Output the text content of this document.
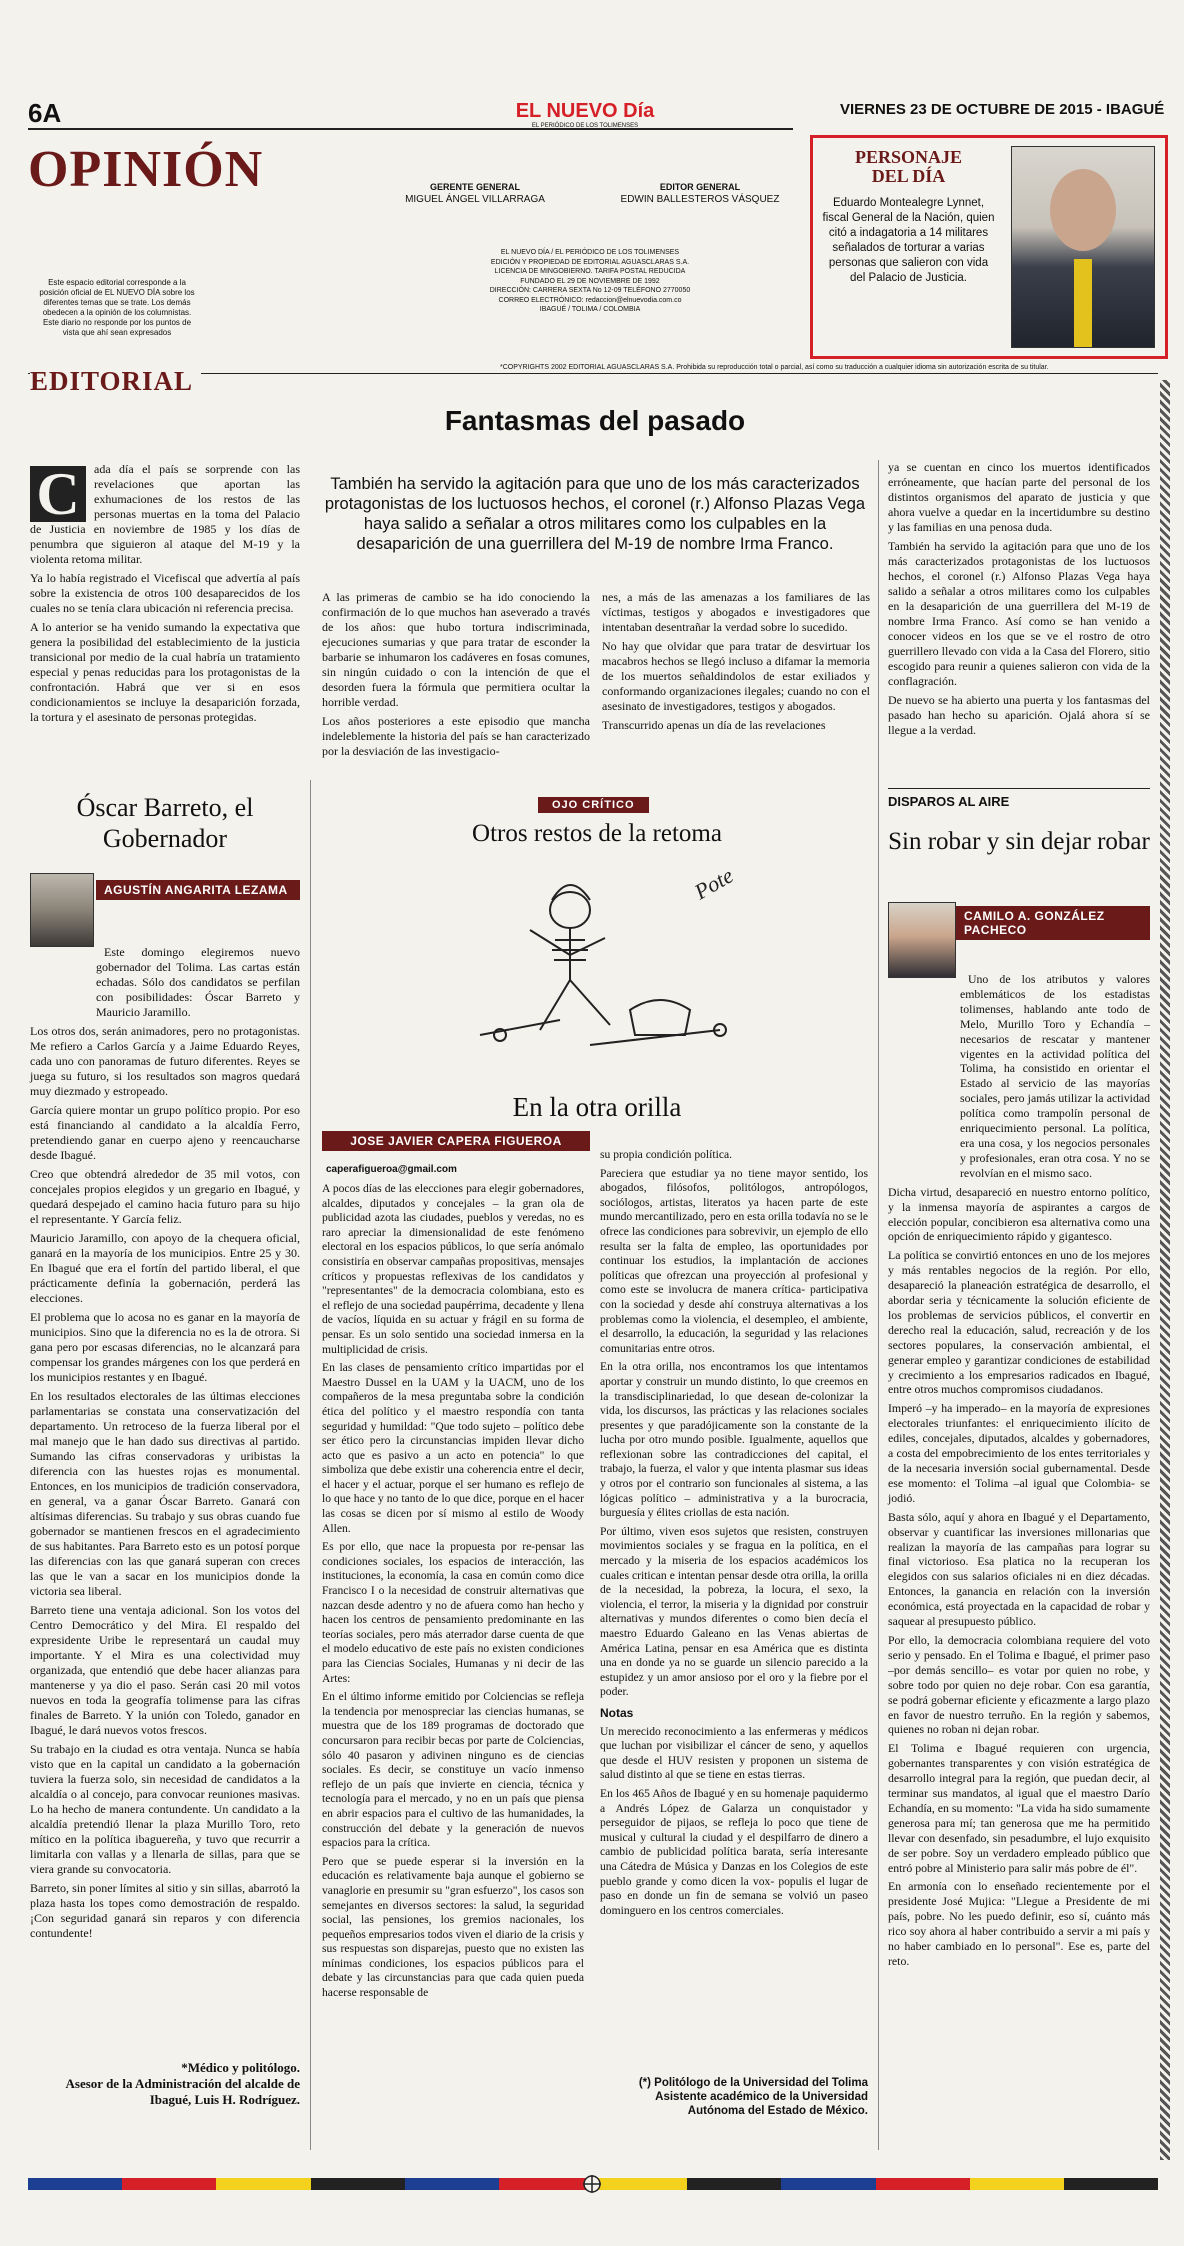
6A
OPINIÓN
EL NUEVO Día
EL PERIÓDICO DE LOS TOLIMENSES
VIERNES 23 DE OCTUBRE DE 2015 - IBAGUÉ
GERENTE GENERAL
MIGUEL ÁNGEL VILLARRAGA
EDITOR GENERAL
EDWIN BALLESTEROS VÁSQUEZ
EL NUEVO DÍA / EL PERIÓDICO DE LOS TOLIMENSES
EDICIÓN Y PROPIEDAD DE EDITORIAL AGUASCLARAS S.A.
LICENCIA DE MINGOBIERNO. TARIFA POSTAL REDUCIDA
FUNDADO EL 29 DE NOVIEMBRE DE 1992
DIRECCIÓN: CARRERA SEXTA No 12-09 TELÉFONO 2770050
CORREO ELECTRÓNICO: redaccion@elnuevodia.com.co
IBAGUÉ / TOLIMA / COLOMBIA
Este espacio editorial corresponde a la posición oficial de EL NUEVO DÍA sobre los diferentes temas que se trate. Los demás obedecen a la opinión de los columnistas. Este diario no responde por los puntos de vista que ahí sean expresados
PERSONAJE
DEL DÍA
Eduardo Montealegre Lynnet, fiscal General de la Nación, quien citó a indagatoria a 14 militares señalados de torturar a varias personas que salieron con vida del Palacio de Justicia.
*COPYRIGHTS 2002 EDITORIAL AGUASCLARAS S.A. Prohibida su reproducción total o parcial, así como su traducción a cualquier idioma sin autorización escrita de su titular.
EDITORIAL
Fantasmas del pasado
C	ada día el país se sorprende con las revelaciones que aportan las exhumaciones de los restos de las personas muertas en la toma del Palacio de Justicia en noviembre de 1985 y los días de penumbra que siguieron al ataque del M-19 y la violenta retoma militar.

Ya lo había registrado el Vicefiscal que advertía al país sobre la existencia de otros 100 desaparecidos de los cuales no se tenía clara ubicación ni referencia precisa.

A lo anterior se ha venido sumando la expectativa que genera la posibilidad del establecimiento de la justicia transicional por medio de la cual habría un tratamiento especial y penas reducidas para los protagonistas de la confrontación. Habrá que ver si en esos condicionamientos se incluye la desaparición forzada, la tortura y el asesinato de personas protegidas.

También ha servido la agitación para que uno de los más caracterizados protagonistas de los luctuosos hechos, el coronel (r.) Alfonso Plazas Vega haya salido a señalar a otros militares como los culpables en la desaparición de una guerrillera del M-19 de nombre Irma Franco.

A las primeras de cambio se ha ido conociendo la confirmación de lo que muchos han aseverado a través de los años: que hubo tortura indiscriminada, ejecuciones sumarias y que para tratar de esconder la barbarie se inhumaron los cadáveres en fosas comunes, sin ningún cuidado o con la intención de que el desorden fuera la fórmula que permitiera ocultar la horrible verdad.

Los años posteriores a este episodio que mancha indeleblemente la historia del país se han caracterizado por la desviación de las investigacio-

nes, a más de las amenazas a los familiares de las víctimas, testigos y abogados e investigadores que intentaban desentrañar la verdad sobre lo sucedido.

No hay que olvidar que para tratar de desvirtuar los macabros hechos se llegó incluso a difamar la memoria de los muertos señaldindolos de estar exiliados y conformando organizaciones ilegales; cuando no con el asesinato de investigadores, testigos y abogados.

Transcurrido apenas un día de las revelaciones

ya se cuentan en cinco los muertos identificados erróneamente, que hacían parte del personal de los distintos organismos del aparato de justicia y que ahora vuelve a quedar en la incertidumbre su destino y las familias en una penosa duda.

También ha servido la agitación para que uno de los más caracterizados protagonistas de los luctuosos hechos, el coronel (r.) Alfonso Plazas Vega haya salido a señalar a otros militares como los culpables en la desaparición de una guerrillera del M-19 de nombre Irma Franco. Así como se han venido a conocer videos en los que se ve el rostro de otro guerrillero llevado con vida a la Casa del Florero, sitio escogido para reunir a quienes salieron con vida de la conflagración.

De nuevo se ha abierto una puerta y los fantasmas del pasado han hecho su aparición. Ojalá ahora sí se llegue a la verdad.

Óscar Barreto, el Gobernador
AGUSTÍN ANGARITA LEZAMA

Este domingo elegiremos nuevo gobernador del Tolima. Las cartas están echadas. Sólo dos candidatos se perfilan con posibilidades: Óscar Barreto y Mauricio Jaramillo.

Los otros dos, serán animadores, pero no protagonistas. Me refiero a Carlos García y a Jaime Eduardo Reyes, cada uno con panoramas de futuro diferentes. Reyes se juega su futuro, si los resultados son magros quedará muy diezmado y estropeado.

García quiere montar un grupo político propio. Por eso está financiando al candidato a la alcaldía Ferro, pretendiendo ganar en cuerpo ajeno y reencaucharse desde Ibagué.

Creo que obtendrá alrededor de 35 mil votos, con concejales propios elegidos y un gregario en Ibagué, y quedará despejado el camino hacia futuro para su hijo el representante. Y García feliz.

Mauricio Jaramillo, con apoyo de la chequera oficial, ganará en la mayoría de los municipios. Entre 25 y 30. En Ibagué que era el fortín del partido liberal, el que prácticamente definía la gobernación, perderá las elecciones.

El problema que lo acosa no es ganar en la mayoría de municipios. Sino que la diferencia no es la de otrora. Si gana pero por escasas diferencias, no le alcanzará para compensar los grandes márgenes con los que perderá en los municipios restantes y en Ibagué.

En los resultados electorales de las últimas elecciones parlamentarias se constata una conservatización del departamento. Un retroceso de la fuerza liberal por el mal manejo que le han dado sus directivas al partido. Sumando las cifras conservadoras y uribistas la diferencia con las huestes rojas es monumental. Entonces, en los municipios de tradición conservadora, en general, va a ganar Óscar Barreto. Ganará con altísimas diferencias. Su trabajo y sus obras cuando fue gobernador se mantienen frescos en el agradecimiento de sus habitantes. Para Barreto esto es un potosí porque las diferencias con las que ganará superan con creces las que le van a sacar en los municipios donde la victoria sea liberal.

Barreto tiene una ventaja adicional. Son los votos del Centro Democrático y del Mira. El respaldo del expresidente Uribe le representará un caudal muy importante. Y el Mira es una colectividad muy organizada, que entendió que debe hacer alianzas para mantenerse y ya dio el paso. Serán casi 20 mil votos nuevos en toda la geografía tolimense para las cifras finales de Barreto. Y la unión con Toledo, ganador en Ibagué, le dará nuevos votos frescos.

Su trabajo en la ciudad es otra ventaja. Nunca se había visto que en la capital un candidato a la gobernación tuviera la fuerza solo, sin necesidad de candidatos a la alcaldía o al concejo, para convocar reuniones masivas. Lo ha hecho de manera contundente. Un candidato a la alcaldía pretendió llenar la plaza Murillo Toro, reto mítico en la política ibaguereña, y tuvo que recurrir a limitarla con vallas y a llenarla de sillas, para que se viera grande su convocatoria.

Barreto, sin poner límites al sitio y sin sillas, abarrotó la plaza hasta los topes como demostración de respaldo. ¡Con seguridad ganará sin reparos y con diferencia contundente!

*Médico y politólogo.
Asesor de la Administración del alcalde de Ibagué, Luis H. Rodríguez.
OJO CRÍTICO
Otros restos de la retoma
Pote
En la otra orilla
JOSE JAVIER CAPERA FIGUEROA
caperafigueroa@gmail.com

A pocos días de las elecciones para elegir gobernadores, alcaldes, diputados y concejales – la gran ola de publicidad azota las ciudades, pueblos y veredas, no es raro apreciar la dimensionalidad de este fenómeno electoral en los espacios públicos, lo que sería anómalo consistiría en observar campañas propositivas, mensajes críticos y propuestas reflexivas de los candidatos y "representantes" de la democracia colombiana, esto es el reflejo de una sociedad paupérrima, decadente y llena de vacíos, líquida en su actuar y frágil en su forma de pensar. Es un solo sentido una sociedad inmersa en la multiplicidad de crisis.

En las clases de pensamiento crítico impartidas por el Maestro Dussel en la UAM y la UACM, uno de los compañeros de la mesa preguntaba sobre la condición ética del político y el maestro respondía con tanta seguridad y humildad: "Que todo sujeto – político debe ser ético pero la circunstancias impiden llevar dicho acto que es pasivo a un acto en potencia" lo que simboliza que debe existir una coherencia entre el decir, el hacer y el actuar, porque el ser humano es reflejo de lo que hace y no tanto de lo que dice, porque en el hacer las cosas se dicen por sí mismo al estilo de Woody Allen.

Es por ello, que nace la propuesta por re-pensar las condiciones sociales, los espacios de interacción, las instituciones, la economía, la casa en común como dice Francisco I o la necesidad de construir alternativas que nazcan desde adentro y no de afuera como han hecho y hacen los centros de pensamiento predominante en las teorías sociales, pero más aterrador darse cuenta de que el modelo educativo de este país no existen condiciones para las Ciencias Sociales, Humanas y ni decir de las Artes:

En el último informe emitido por Colciencias se refleja la tendencia por menospreciar las ciencias humanas, se muestra que de los 189 programas de doctorado que concursaron para recibir becas por parte de Colciencias, sólo 40 pasaron y adivinen ninguno es de ciencias sociales. Es decir, se constituye un vacío inmenso reflejo de un país que invierte en ciencia, técnica y tecnología para el mercado, y no en un país que piensa en abrir espacios para el cultivo de las humanidades, la construcción del debate y la generación de nuevos espacios para la crítica.

Pero que se puede esperar si la inversión en la educación es relativamente baja aunque el gobierno se vanaglorie en presumir su "gran esfuerzo", los casos son semejantes en diversos sectores: la salud, la seguridad social, las pensiones, los gremios nacionales, los pequeños empresarios todos viven el diario de la crisis y sus respuestas son disparejas, puesto que no existen las mínimas condiciones, los espacios públicos para el debate y las circunstancias para que cada quien pueda hacerse responsable de

su propia condición política.

Pareciera que estudiar ya no tiene mayor sentido, los abogados, filósofos, politólogos, antropólogos, sociólogos, artistas, literatos ya hacen parte de este mundo mercantilizado, pero en esta orilla todavía no se le ofrece las condiciones para sobrevivir, un ejemplo de ello resulta ser la falta de empleo, las oportunidades por continuar los estudios, la implantación de acciones políticas que ofrezcan una proyección al profesional y como este se involucra de manera crítica- participativa con la sociedad y desde ahí construya alternativas a los problemas como la violencia, el desempleo, el ambiente, el desarrollo, la educación, la seguridad y las relaciones comunitarias entre otros.

En la otra orilla, nos encontramos los que intentamos aportar y construir un mundo distinto, lo que creemos en la transdisciplinariedad, lo que desean de-colonizar la vida, los discursos, las prácticas y las relaciones sociales presentes y que paradójicamente son la constante de la lucha por otro mundo posible. Igualmente, aquellos que reflexionan sobre las contradicciones del capital, el trabajo, la fuerza, el valor y que intenta plasmar sus ideas y otros por el contrario son funcionales al sistema, a las lógicas político – administrativa y a la burocracia, burguesía y élites criollas de esta nación.

Por último, viven esos sujetos que resisten, construyen movimientos sociales y se fragua en la política, en el mercado y la miseria de los espacios académicos los cuales critican e intentan pensar desde otra orilla, la orilla de la necesidad, la pobreza, la locura, el sexo, la violencia, el terror, la miseria y la dignidad por construir alternativas y mundos diferentes o como bien decía el maestro Eduardo Galeano en las Venas abiertas de América Latina, pensar en esa América que es distinta una en donde ya no se guarde un silencio parecido a la estupidez y un amor ansioso por el oro y la fiebre por el poder.

Notas

Un merecido reconocimiento a las enfermeras y médicos que luchan por visibilizar el cáncer de seno, y aquellos que desde el HUV resisten y proponen un sistema de salud distinto al que se tiene en estas tierras.

En los 465 Años de Ibagué y en su homenaje paquidermo a Andrés López de Galarza un conquistador y perseguidor de pijaos, se refleja lo poco que tiene de musical y cultural la ciudad y el despilfarro de dinero a cambio de publicidad política barata, sería interesante una Cátedra de Música y Danzas en los Colegios de este pueblo grande y como dicen la vox- populis el lugar de paso en donde un fin de semana se volvió un paseo dominguero en los centros comerciales.

(*) Politólogo de la Universidad del Tolima
Asistente académico de la Universidad Autónoma del Estado de México.
DISPAROS AL AIRE
Sin robar y sin dejar robar
CAMILO A. GONZÁLEZ PACHECO

Uno de los atributos y valores emblemáticos de los estadistas tolimenses, hablando ante todo de Melo, Murillo Toro y Echandía –necesarios de rescatar y mantener vigentes en la actividad política del Tolima, ha consistido en orientar el Estado al servicio de las mayorías sociales, pero jamás utilizar la actividad política como trampolín personal de enriquecimiento personal. La política, era una cosa, y los negocios personales y profesionales, eran otra cosa. Y no se revolvían en el mismo saco.

Dicha virtud, desapareció en nuestro entorno político, y la inmensa mayoría de aspirantes a cargos de elección popular, concibieron esa alternativa como una opción de enriquecimiento rápido y gigantesco.

La política se convirtió entonces en uno de los mejores y más rentables negocios de la región. Por ello, desapareció la planeación estratégica de desarrollo, el abordar seria y técnicamente la solución eficiente de los problemas de servicios públicos, el convertir en derecho real la educación, salud, recreación y de los sectores populares, la conservación ambiental, el generar empleo y garantizar condiciones de estabilidad y crecimiento a los empresarios radicados en Ibagué, entre otros muchos compromisos ciudadanos.

Imperó –y ha imperado– en la mayoría de expresiones electorales triunfantes: el enriquecimiento ilícito de ediles, concejales, diputados, alcaldes y gobernadores, a costa del empobrecimiento de los entes territoriales y de la necesaria inversión social gubernamental. Desde ese momento: el Tolima –al igual que Colombia- se jodió.

Basta sólo, aquí y ahora en Ibagué y el Departamento, observar y cuantificar las inversiones millonarias que realizan la mayoría de las campañas para lograr su final victorioso. Esa platica no la recuperan los elegidos con sus salarios oficiales ni en diez décadas. Entonces, la ganancia en relación con la inversión económica, está proyectada en la capacidad de robar y saquear al presupuesto público.

Por ello, la democracia colombiana requiere del voto serio y pensado. En el Tolima e Ibagué, el primer paso –por demás sencillo– es votar por quien no robe, y sobre todo por quien no deje robar. Con esa garantía, se podrá gobernar eficiente y eficazmente a largo plazo en favor de nuestro terruño. En la región y sabemos, quienes no roban ni dejan robar.

El Tolima e Ibagué requieren con urgencia, gobernantes transparentes y con visión estratégica de desarrollo integral para la región, que puedan decir, al terminar sus mandatos, al igual que el maestro Darío Echandía, en su momento: "La vida ha sido sumamente generosa para mí; tan generosa que me ha permitido llevar con desenfado, sin pesadumbre, el lujo exquisito de ser pobre. Soy un verdadero empleado público que entró pobre al Ministerio para salir más pobre de él".

En armonía con lo enseñado recientemente por el presidente José Mujica: "Llegue a Presidente de mi país, pobre. No les puedo definir, eso sí, cuánto más rico soy ahora al haber contribuido a servir a mi país y no haber cambiado en lo personal". Ese es, parte del reto.
